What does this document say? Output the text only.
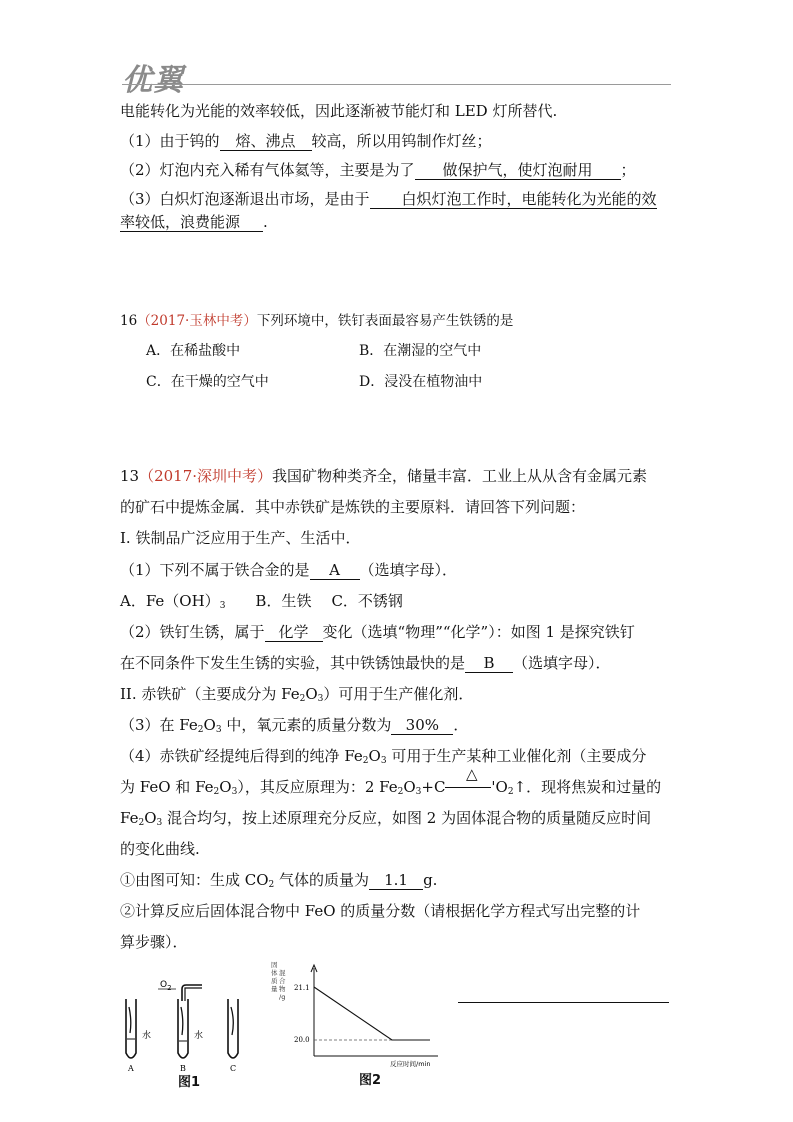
优翼
电能转化为光能的效率较低，因此逐渐被节能灯和 LED 灯所替代.
（1）由于钨的 熔、沸点 较高，所以用钨制作灯丝；
（2）灯泡内充入稀有气体氦等，主要是为了 做保护气，使灯泡耐用 ；
（3）白炽灯泡逐渐退出市场，是由于 白炽灯泡工作时，电能转化为光能的效
率较低，浪费能源 .
16（2017·玉林中考）下列环境中，铁钉表面最容易产生铁锈的是
A．在稀盐酸中	B．在潮湿的空气中
C．在干燥的空气中	D．浸没在植物油中
13（2017·深圳中考）我国矿物种类齐全，储量丰富．工业上从从含有金属元素
的矿石中提炼金属．其中赤铁矿是炼铁的主要原料．请回答下列问题：
I. 铁制品广泛应用于生产、生活中．
（1）下列不属于铁合金的是 A （选填字母）．
A．$Fe(OH)_3$ B．生铁 C．不锈钢
（2）铁钉生锈，属于 化学 变化（选填“物理”“化学”）：如图 1 是探究铁钉
在不同条件下发生生锈的实验，其中铁锈蚀最快的是 B （选填字母）．
II. 赤铁矿（主要成分为 $Fe_2O_3$）可用于生产催化剂．
（3）在 $Fe_2O_3$ 中，氧元素的质量分数为 30% ．
（4）赤铁矿经提纯后得到的纯净 $Fe_2O_3$ 可用于生产某种工业催化剂（主要成分
为 FeO 和 $Fe_2O_3$），其反应原理为：2 $Fe_2O_3+C$	'$O_2↑$．现将焦炭和过量的
△
$Fe_2O_3$ 混合均匀，按上述原理充分反应，如图 2 为固体混合物的质量随反应时间
的变化曲线.
①由图可知：生成 $CO_2$ 气体的质量为 1.1 g.
②计算反应后固体混合物中 FeO 的质量分数（请根据化学方程式写出完整的计
算步骤）．
水
$O_2$
水
A	B	C
图1
固
体
质
量
混
合
物
/g
21.1
20.0
反应时间/min
图2
